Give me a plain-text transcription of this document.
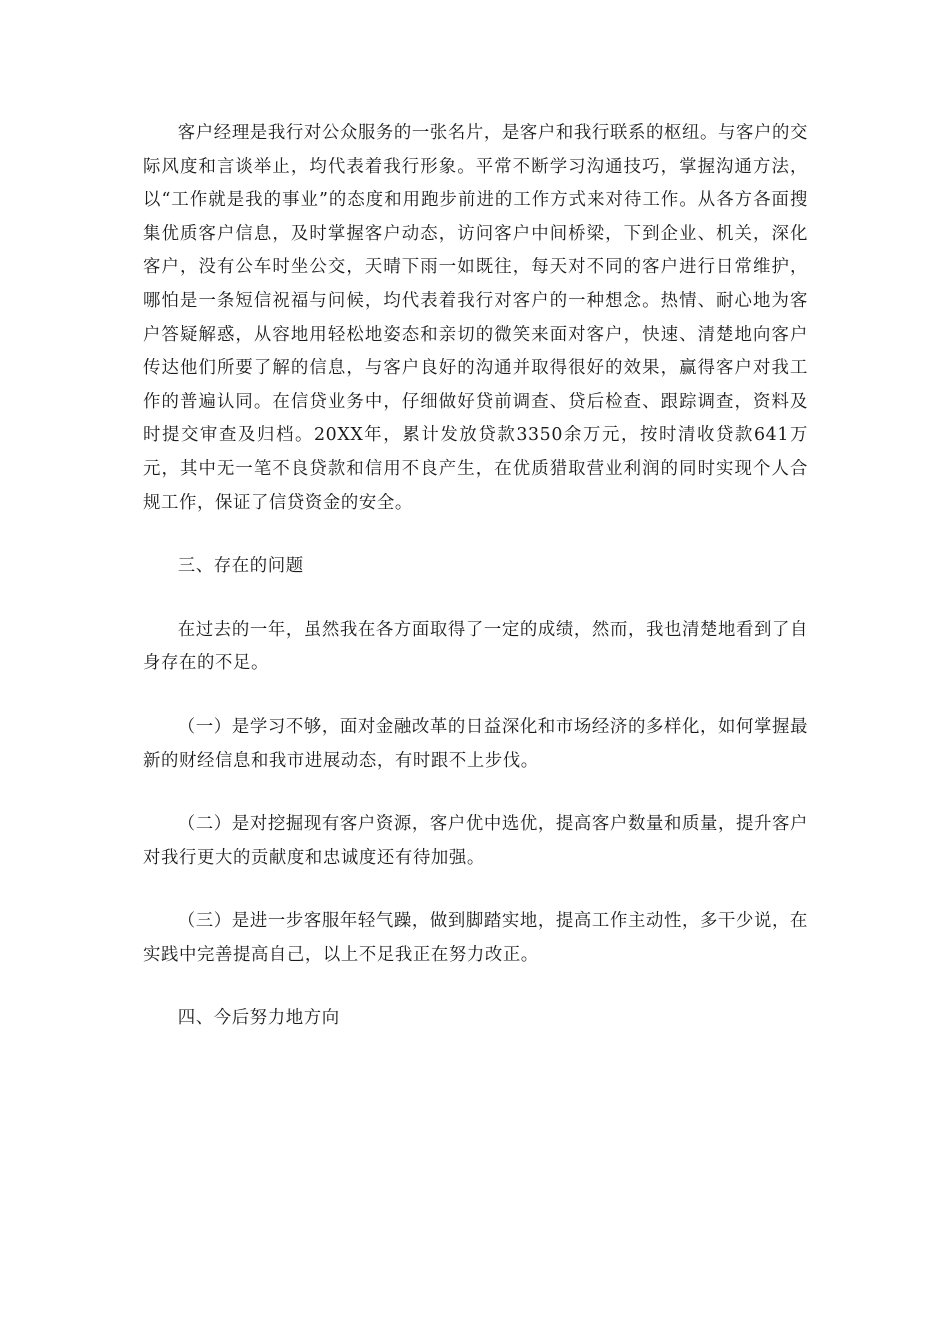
客户经理是我行对公众服务的一张名片，是客户和我行联系的枢纽。与客户的交际风度和言谈举止，均代表着我行形象。平常不断学习沟通技巧，掌握沟通方法，以“工作就是我的事业”的态度和用跑步前进的工作方式来对待工作。从各方各面搜集优质客户信息，及时掌握客户动态，访问客户中间桥梁，下到企业、机关，深化客户，没有公车时坐公交，天晴下雨一如既往，每天对不同的客户进行日常维护，哪怕是一条短信祝福与问候，均代表着我行对客户的一种想念。热情、耐心地为客户答疑解惑，从容地用轻松地姿态和亲切的微笑来面对客户，快速、清楚地向客户传达他们所要了解的信息，与客户良好的沟通并取得很好的效果，赢得客户对我工作的普遍认同。在信贷业务中，仔细做好贷前调查、贷后检查、跟踪调查，资料及时提交审查及归档。20XX年，累计发放贷款3350余万元，按时清收贷款641万元，其中无一笔不良贷款和信用不良产生，在优质猎取营业利润的同时实现个人合规工作，保证了信贷资金的安全。

三、存在的问题

在过去的一年，虽然我在各方面取得了一定的成绩，然而，我也清楚地看到了自身存在的不足。

（一）是学习不够，面对金融改革的日益深化和市场经济的多样化，如何掌握最新的财经信息和我市进展动态，有时跟不上步伐。

（二）是对挖掘现有客户资源，客户优中选优，提高客户数量和质量，提升客户对我行更大的贡献度和忠诚度还有待加强。

（三）是进一步客服年轻气躁，做到脚踏实地，提高工作主动性，多干少说，在实践中完善提高自己，以上不足我正在努力改正。

四、今后努力地方向
